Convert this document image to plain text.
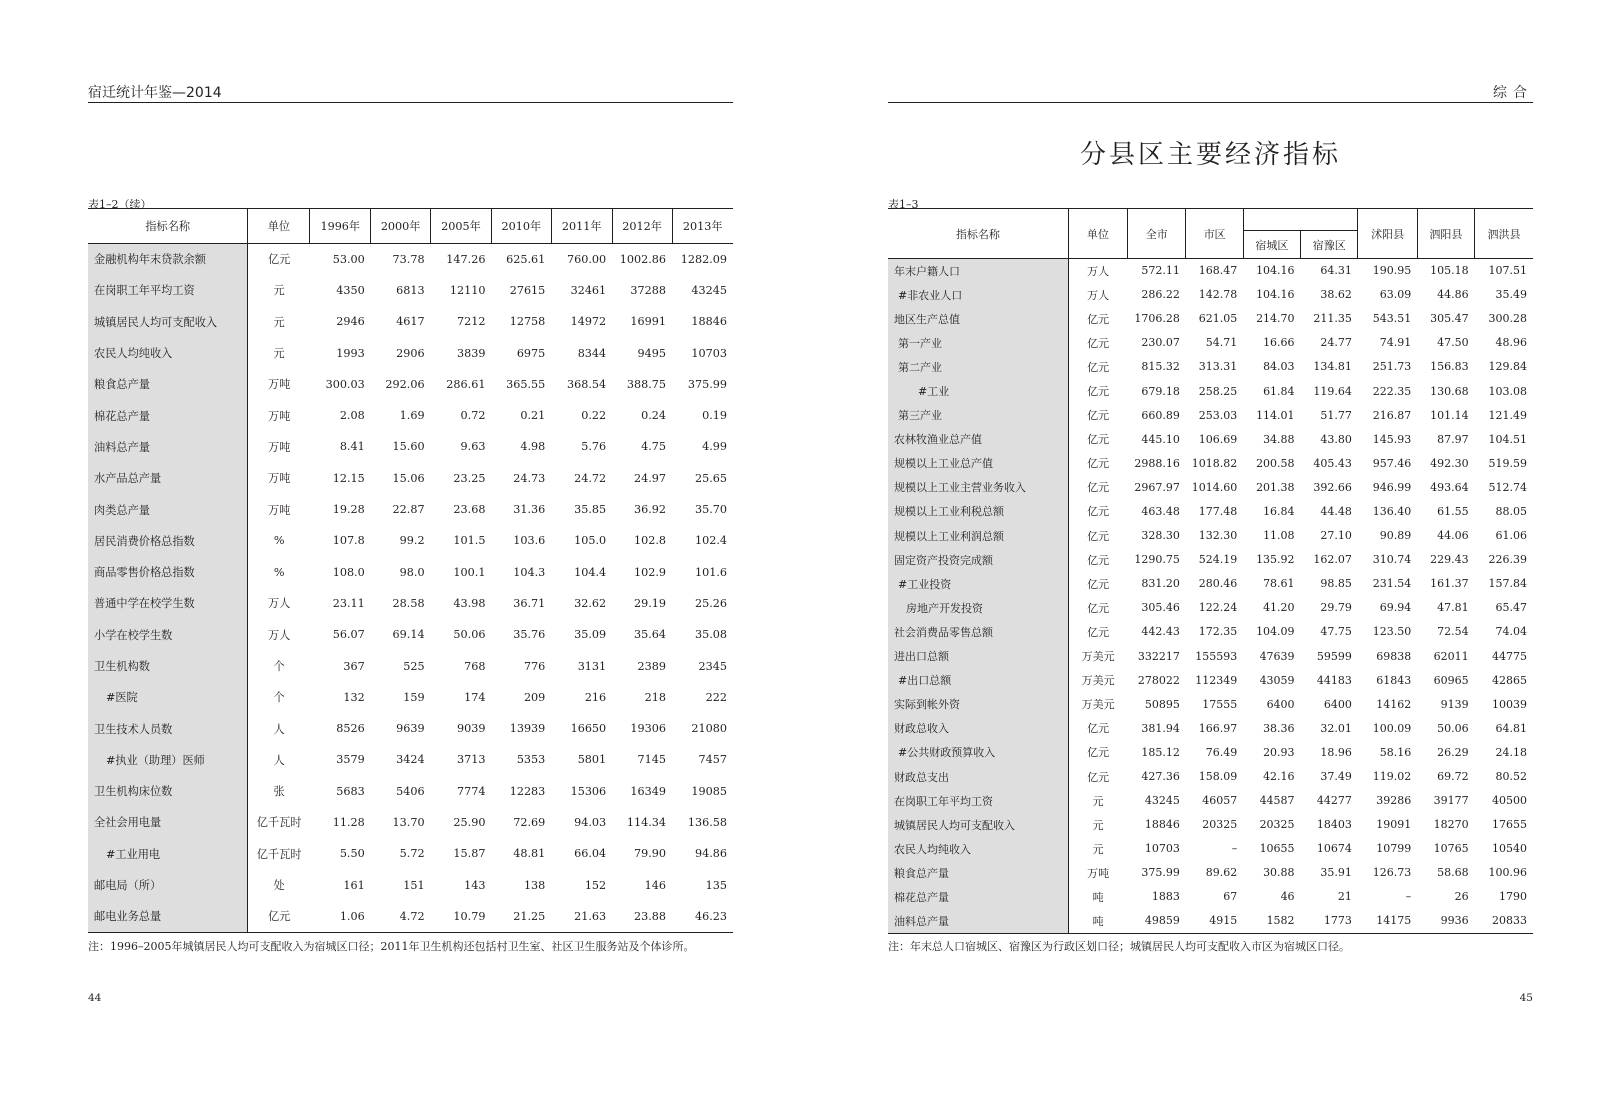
宿迁统计年鉴—2014
表1–2（续）
指标名称	单位	1996年	2000年	2005年	2010年	2011年	2012年	2013年
金融机构年末贷款余额	亿元	53.00	73.78	147.26	625.61	760.00	1002.86	1282.09
在岗职工年平均工资	元	4350	6813	12110	27615	32461	37288	43245
城镇居民人均可支配收入	元	2946	4617	7212	12758	14972	16991	18846
农民人均纯收入	元	1993	2906	3839	6975	8344	9495	10703
粮食总产量	万吨	300.03	292.06	286.61	365.55	368.54	388.75	375.99
棉花总产量	万吨	2.08	1.69	0.72	0.21	0.22	0.24	0.19
油料总产量	万吨	8.41	15.60	9.63	4.98	5.76	4.75	4.99
水产品总产量	万吨	12.15	15.06	23.25	24.73	24.72	24.97	25.65
肉类总产量	万吨	19.28	22.87	23.68	31.36	35.85	36.92	35.70
居民消费价格总指数	%	107.8	99.2	101.5	103.6	105.0	102.8	102.4
商品零售价格总指数	%	108.0	98.0	100.1	104.3	104.4	102.9	101.6
普通中学在校学生数	万人	23.11	28.58	43.98	36.71	32.62	29.19	25.26
小学在校学生数	万人	56.07	69.14	50.06	35.76	35.09	35.64	35.08
卫生机构数	个	367	525	768	776	3131	2389	2345
#医院	个	132	159	174	209	216	218	222
卫生技术人员数	人	8526	9639	9039	13939	16650	19306	21080
#执业（助理）医师	人	3579	3424	3713	5353	5801	7145	7457
卫生机构床位数	张	5683	5406	7774	12283	15306	16349	19085
全社会用电量	亿千瓦时	11.28	13.70	25.90	72.69	94.03	114.34	136.58
#工业用电	亿千瓦时	5.50	5.72	15.87	48.81	66.04	79.90	94.86
邮电局（所）	处	161	151	143	138	152	146	135
邮电业务总量	亿元	1.06	4.72	10.79	21.25	21.63	23.88	46.23
注：1996–2005年城镇居民人均可支配收入为宿城区口径；2011年卫生机构还包括村卫生室、社区卫生服务站及个体诊所。
44
综合
分县区主要经济指标
表1–3
指标名称	单位	全市	市区			沭阳县	泗阳县	泗洪县
				宿城区	宿豫区			
年末户籍人口	万人	572.11	168.47	104.16	64.31	190.95	105.18	107.51
#非农业人口	万人	286.22	142.78	104.16	38.62	63.09	44.86	35.49
地区生产总值	亿元	1706.28	621.05	214.70	211.35	543.51	305.47	300.28
第一产业	亿元	230.07	54.71	16.66	24.77	74.91	47.50	48.96
第二产业	亿元	815.32	313.31	84.03	134.81	251.73	156.83	129.84
#工业	亿元	679.18	258.25	61.84	119.64	222.35	130.68	103.08
第三产业	亿元	660.89	253.03	114.01	51.77	216.87	101.14	121.49
农林牧渔业总产值	亿元	445.10	106.69	34.88	43.80	145.93	87.97	104.51
规模以上工业总产值	亿元	2988.16	1018.82	200.58	405.43	957.46	492.30	519.59
规模以上工业主营业务收入	亿元	2967.97	1014.60	201.38	392.66	946.99	493.64	512.74
规模以上工业利税总额	亿元	463.48	177.48	16.84	44.48	136.40	61.55	88.05
规模以上工业利润总额	亿元	328.30	132.30	11.08	27.10	90.89	44.06	61.06
固定资产投资完成额	亿元	1290.75	524.19	135.92	162.07	310.74	229.43	226.39
#工业投资	亿元	831.20	280.46	78.61	98.85	231.54	161.37	157.84
房地产开发投资	亿元	305.46	122.24	41.20	29.79	69.94	47.81	65.47
社会消费品零售总额	亿元	442.43	172.35	104.09	47.75	123.50	72.54	74.04
进出口总额	万美元	332217	155593	47639	59599	69838	62011	44775
#出口总额	万美元	278022	112349	43059	44183	61843	60965	42865
实际到帐外资	万美元	50895	17555	6400	6400	14162	9139	10039
财政总收入	亿元	381.94	166.97	38.36	32.01	100.09	50.06	64.81
#公共财政预算收入	亿元	185.12	76.49	20.93	18.96	58.16	26.29	24.18
财政总支出	亿元	427.36	158.09	42.16	37.49	119.02	69.72	80.52
在岗职工年平均工资	元	43245	46057	44587	44277	39286	39177	40500
城镇居民人均可支配收入	元	18846	20325	20325	18403	19091	18270	17655
农民人均纯收入	元	10703	–	10655	10674	10799	10765	10540
粮食总产量	万吨	375.99	89.62	30.88	35.91	126.73	58.68	100.96
棉花总产量	吨	1883	67	46	21	–	26	1790
油料总产量	吨	49859	4915	1582	1773	14175	9936	20833
注：年末总人口宿城区、宿豫区为行政区划口径；城镇居民人均可支配收入市区为宿城区口径。
45
